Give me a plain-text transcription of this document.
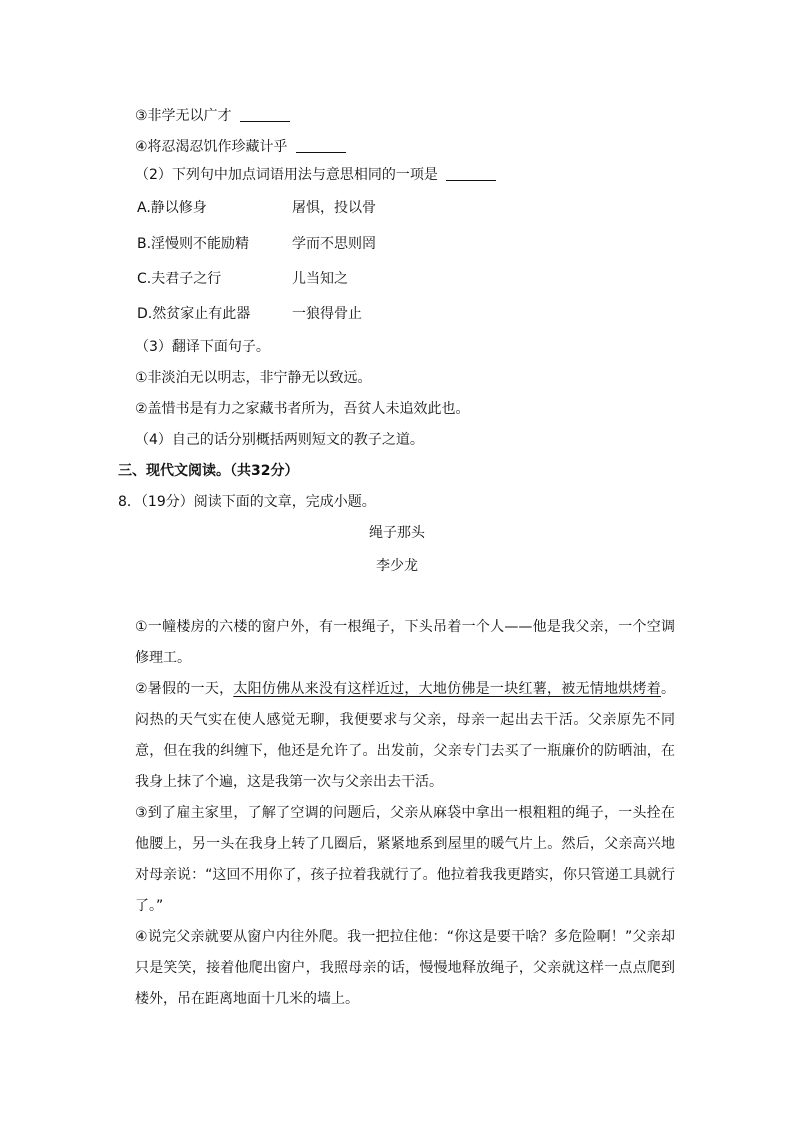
③非学无以广才
④将忍渴忍饥作珍藏计乎
（2）下列句中加点词语用法与意思相同的一项是
A.静以修身	屠惧，投以骨
B.淫慢则不能励精	学而不思则罔
C.夫君子之行	儿当知之
D.然贫家止有此器	一狼得骨止
（3）翻译下面句子。
①非淡泊无以明志，非宁静无以致远。
②盖惜书是有力之家藏书者所为，吾贫人未追效此也。
（4）自己的话分别概括两则短文的教子之道。
三、现代文阅读。（共32分）
8．（19分）阅读下面的文章，完成小题。
绳子那头
李少龙
①一幢楼房的六楼的窗户外，有一根绳子，下头吊着一个人——他是我父亲，一个空调修理工。
②暑假的一天，太阳仿佛从来没有这样近过，大地仿佛是一块红薯，被无情地烘烤着。闷热的天气实在使人感觉无聊，我便要求与父亲，母亲一起出去干活。父亲原先不同意，但在我的纠缠下，他还是允许了。出发前，父亲专门去买了一瓶廉价的防晒油，在我身上抹了个遍，这是我第一次与父亲出去干活。
③到了雇主家里，了解了空调的问题后，父亲从麻袋中拿出一根粗粗的绳子，一头拴在他腰上，另一头在我身上转了几圈后，紧紧地系到屋里的暖气片上。然后，父亲高兴地对母亲说：“这回不用你了，孩子拉着我就行了。他拉着我我更踏实，你只管递工具就行了。”
④说完父亲就要从窗户内往外爬。我一把拉住他：“你这是要干啥？多危险啊！”父亲却只是笑笑，接着他爬出窗户，我照母亲的话，慢慢地释放绳子，父亲就这样一点点爬到楼外，吊在距离地面十几米的墙上。
